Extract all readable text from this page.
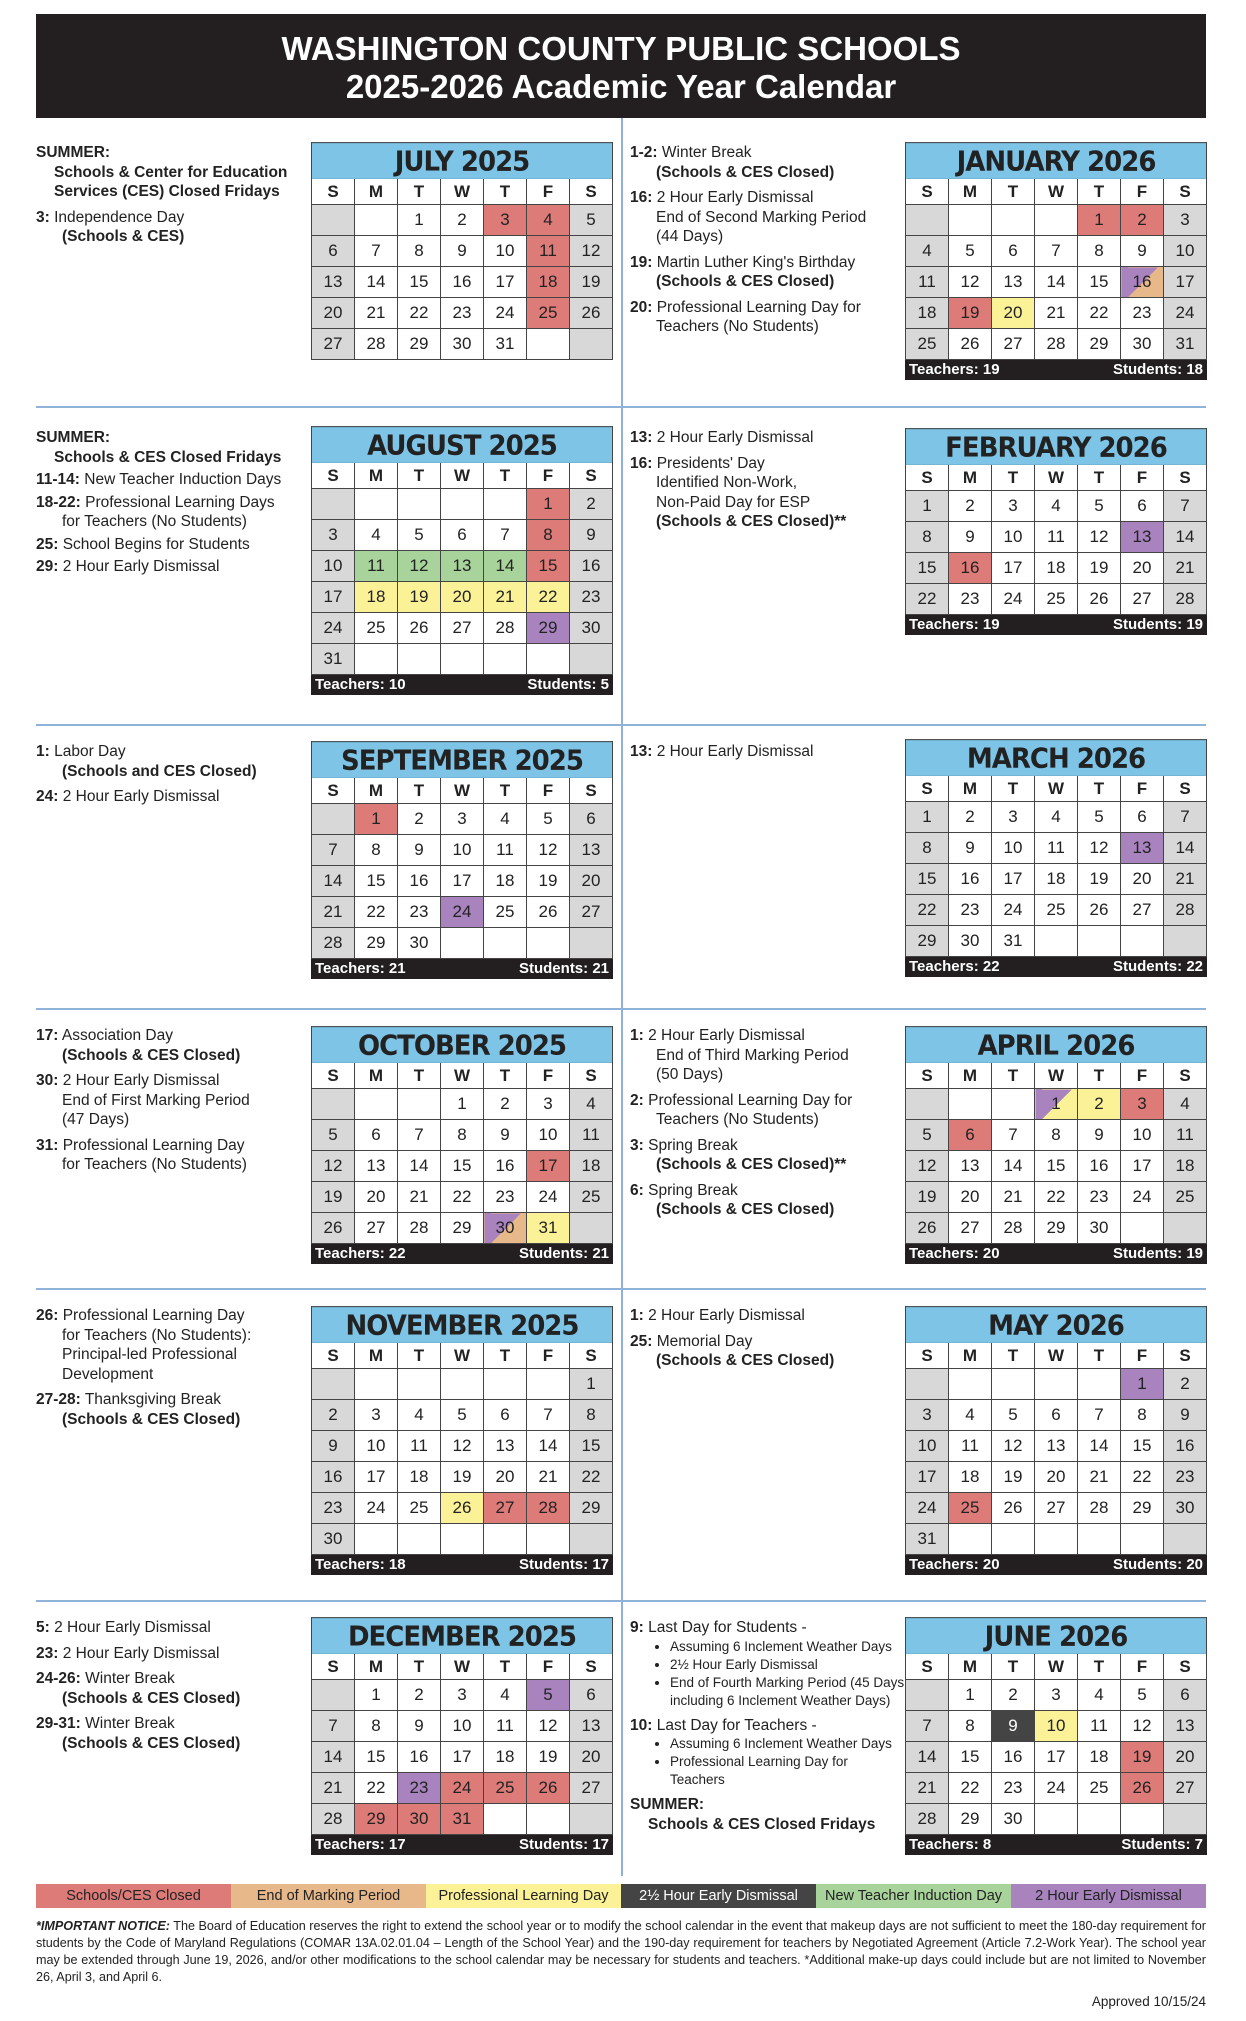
WASHINGTON COUNTY PUBLIC SCHOOLS
2025-2026 Academic Year Calendar
JULY 2025
S	M	T	W	T	F	S
		1	2	3	4	5
6	7	8	9	10	11	12
13	14	15	16	17	18	19
20	21	22	23	24	25	26
27	28	29	30	31		
JANUARY 2026
S	M	T	W	T	F	S
				1	2	3
4	5	6	7	8	9	10
11	12	13	14	15	16	17
18	19	20	21	22	23	24
25	26	27	28	29	30	31
Teachers: 19	Students: 18
AUGUST 2025
S	M	T	W	T	F	S
					1	2
3	4	5	6	7	8	9
10	11	12	13	14	15	16
17	18	19	20	21	22	23
24	25	26	27	28	29	30
31						
Teachers: 10	Students: 5
FEBRUARY 2026
S	M	T	W	T	F	S
1	2	3	4	5	6	7
8	9	10	11	12	13	14
15	16	17	18	19	20	21
22	23	24	25	26	27	28
Teachers: 19	Students: 19
SEPTEMBER 2025
S	M	T	W	T	F	S
	1	2	3	4	5	6
7	8	9	10	11	12	13
14	15	16	17	18	19	20
21	22	23	24	25	26	27
28	29	30				
Teachers: 21	Students: 21
MARCH 2026
S	M	T	W	T	F	S
1	2	3	4	5	6	7
8	9	10	11	12	13	14
15	16	17	18	19	20	21
22	23	24	25	26	27	28
29	30	31				
Teachers: 22	Students: 22
OCTOBER 2025
S	M	T	W	T	F	S
			1	2	3	4
5	6	7	8	9	10	11
12	13	14	15	16	17	18
19	20	21	22	23	24	25
26	27	28	29	30	31	
Teachers: 22	Students: 21
APRIL 2026
S	M	T	W	T	F	S
			1	2	3	4
5	6	7	8	9	10	11
12	13	14	15	16	17	18
19	20	21	22	23	24	25
26	27	28	29	30		
Teachers: 20	Students: 19
NOVEMBER 2025
S	M	T	W	T	F	S
						1
2	3	4	5	6	7	8
9	10	11	12	13	14	15
16	17	18	19	20	21	22
23	24	25	26	27	28	29
30						
Teachers: 18	Students: 17
MAY 2026
S	M	T	W	T	F	S
					1	2
3	4	5	6	7	8	9
10	11	12	13	14	15	16
17	18	19	20	21	22	23
24	25	26	27	28	29	30
31						
Teachers: 20	Students: 20
DECEMBER 2025
S	M	T	W	T	F	S
	1	2	3	4	5	6
7	8	9	10	11	12	13
14	15	16	17	18	19	20
21	22	23	24	25	26	27
28	29	30	31			
Teachers: 17	Students: 17
JUNE 2026
S	M	T	W	T	F	S
	1	2	3	4	5	6
7	8	9	10	11	12	13
14	15	16	17	18	19	20
21	22	23	24	25	26	27
28	29	30				
Teachers: 8	Students: 7
SUMMER:
Schools & Center for Education
Services (CES) Closed Fridays
3: Independence Day
(Schools & CES)
1-2: Winter Break
(Schools & CES Closed)
16: 2 Hour Early Dismissal
End of Second Marking Period
(44 Days)
19: Martin Luther King's Birthday
(Schools & CES Closed)
20: Professional Learning Day for
Teachers (No Students)
SUMMER:
Schools & CES Closed Fridays
11-14: New Teacher Induction Days
18-22: Professional Learning Days
for Teachers (No Students)
25: School Begins for Students
29: 2 Hour Early Dismissal
13: 2 Hour Early Dismissal
16: Presidents' Day
Identified Non-Work,
Non-Paid Day for ESP
(Schools & CES Closed)**
1: Labor Day
(Schools and CES Closed)
24: 2 Hour Early Dismissal
13: 2 Hour Early Dismissal
17: Association Day
(Schools & CES Closed)
30: 2 Hour Early Dismissal
End of First Marking Period
(47 Days)
31: Professional Learning Day
for Teachers (No Students)
1: 2 Hour Early Dismissal
End of Third Marking Period
(50 Days)
2: Professional Learning Day for
Teachers (No Students)
3: Spring Break
(Schools & CES Closed)**
6: Spring Break
(Schools & CES Closed)
26: Professional Learning Day
for Teachers (No Students):
Principal-led Professional
Development
27-28: Thanksgiving Break
(Schools & CES Closed)
1: 2 Hour Early Dismissal
25: Memorial Day
(Schools & CES Closed)
5: 2 Hour Early Dismissal
23: 2 Hour Early Dismissal
24-26: Winter Break
(Schools & CES Closed)
29-31: Winter Break
(Schools & CES Closed)
9: Last Day for Students -
• Assuming 6 Inclement Weather Days
• 2½ Hour Early Dismissal
• End of Fourth Marking Period (45 Days
including 6 Inclement Weather Days)
10: Last Day for Teachers -
• Assuming 6 Inclement Weather Days
• Professional Learning Day for Teachers
SUMMER:
Schools & CES Closed Fridays
Schools/CES Closed	End of Marking Period	Professional Learning Day	2½ Hour Early Dismissal	New Teacher Induction Day	2 Hour Early Dismissal
*IMPORTANT NOTICE: The Board of Education reserves the right to extend the school year or to modify the school calendar in the event that makeup days are not sufficient to meet the 180-day requirement for students by the Code of Maryland Regulations (COMAR 13A.02.01.04 – Length of the School Year) and the 190-day requirement for teachers by Negotiated Agreement (Article 7.2-Work Year). The school year may be extended through June 19, 2026, and/or other modifications to the school calendar may be necessary for students and teachers. *Additional make-up days could include but are not limited to November 26, April 3, and April 6.
Approved 10/15/24
